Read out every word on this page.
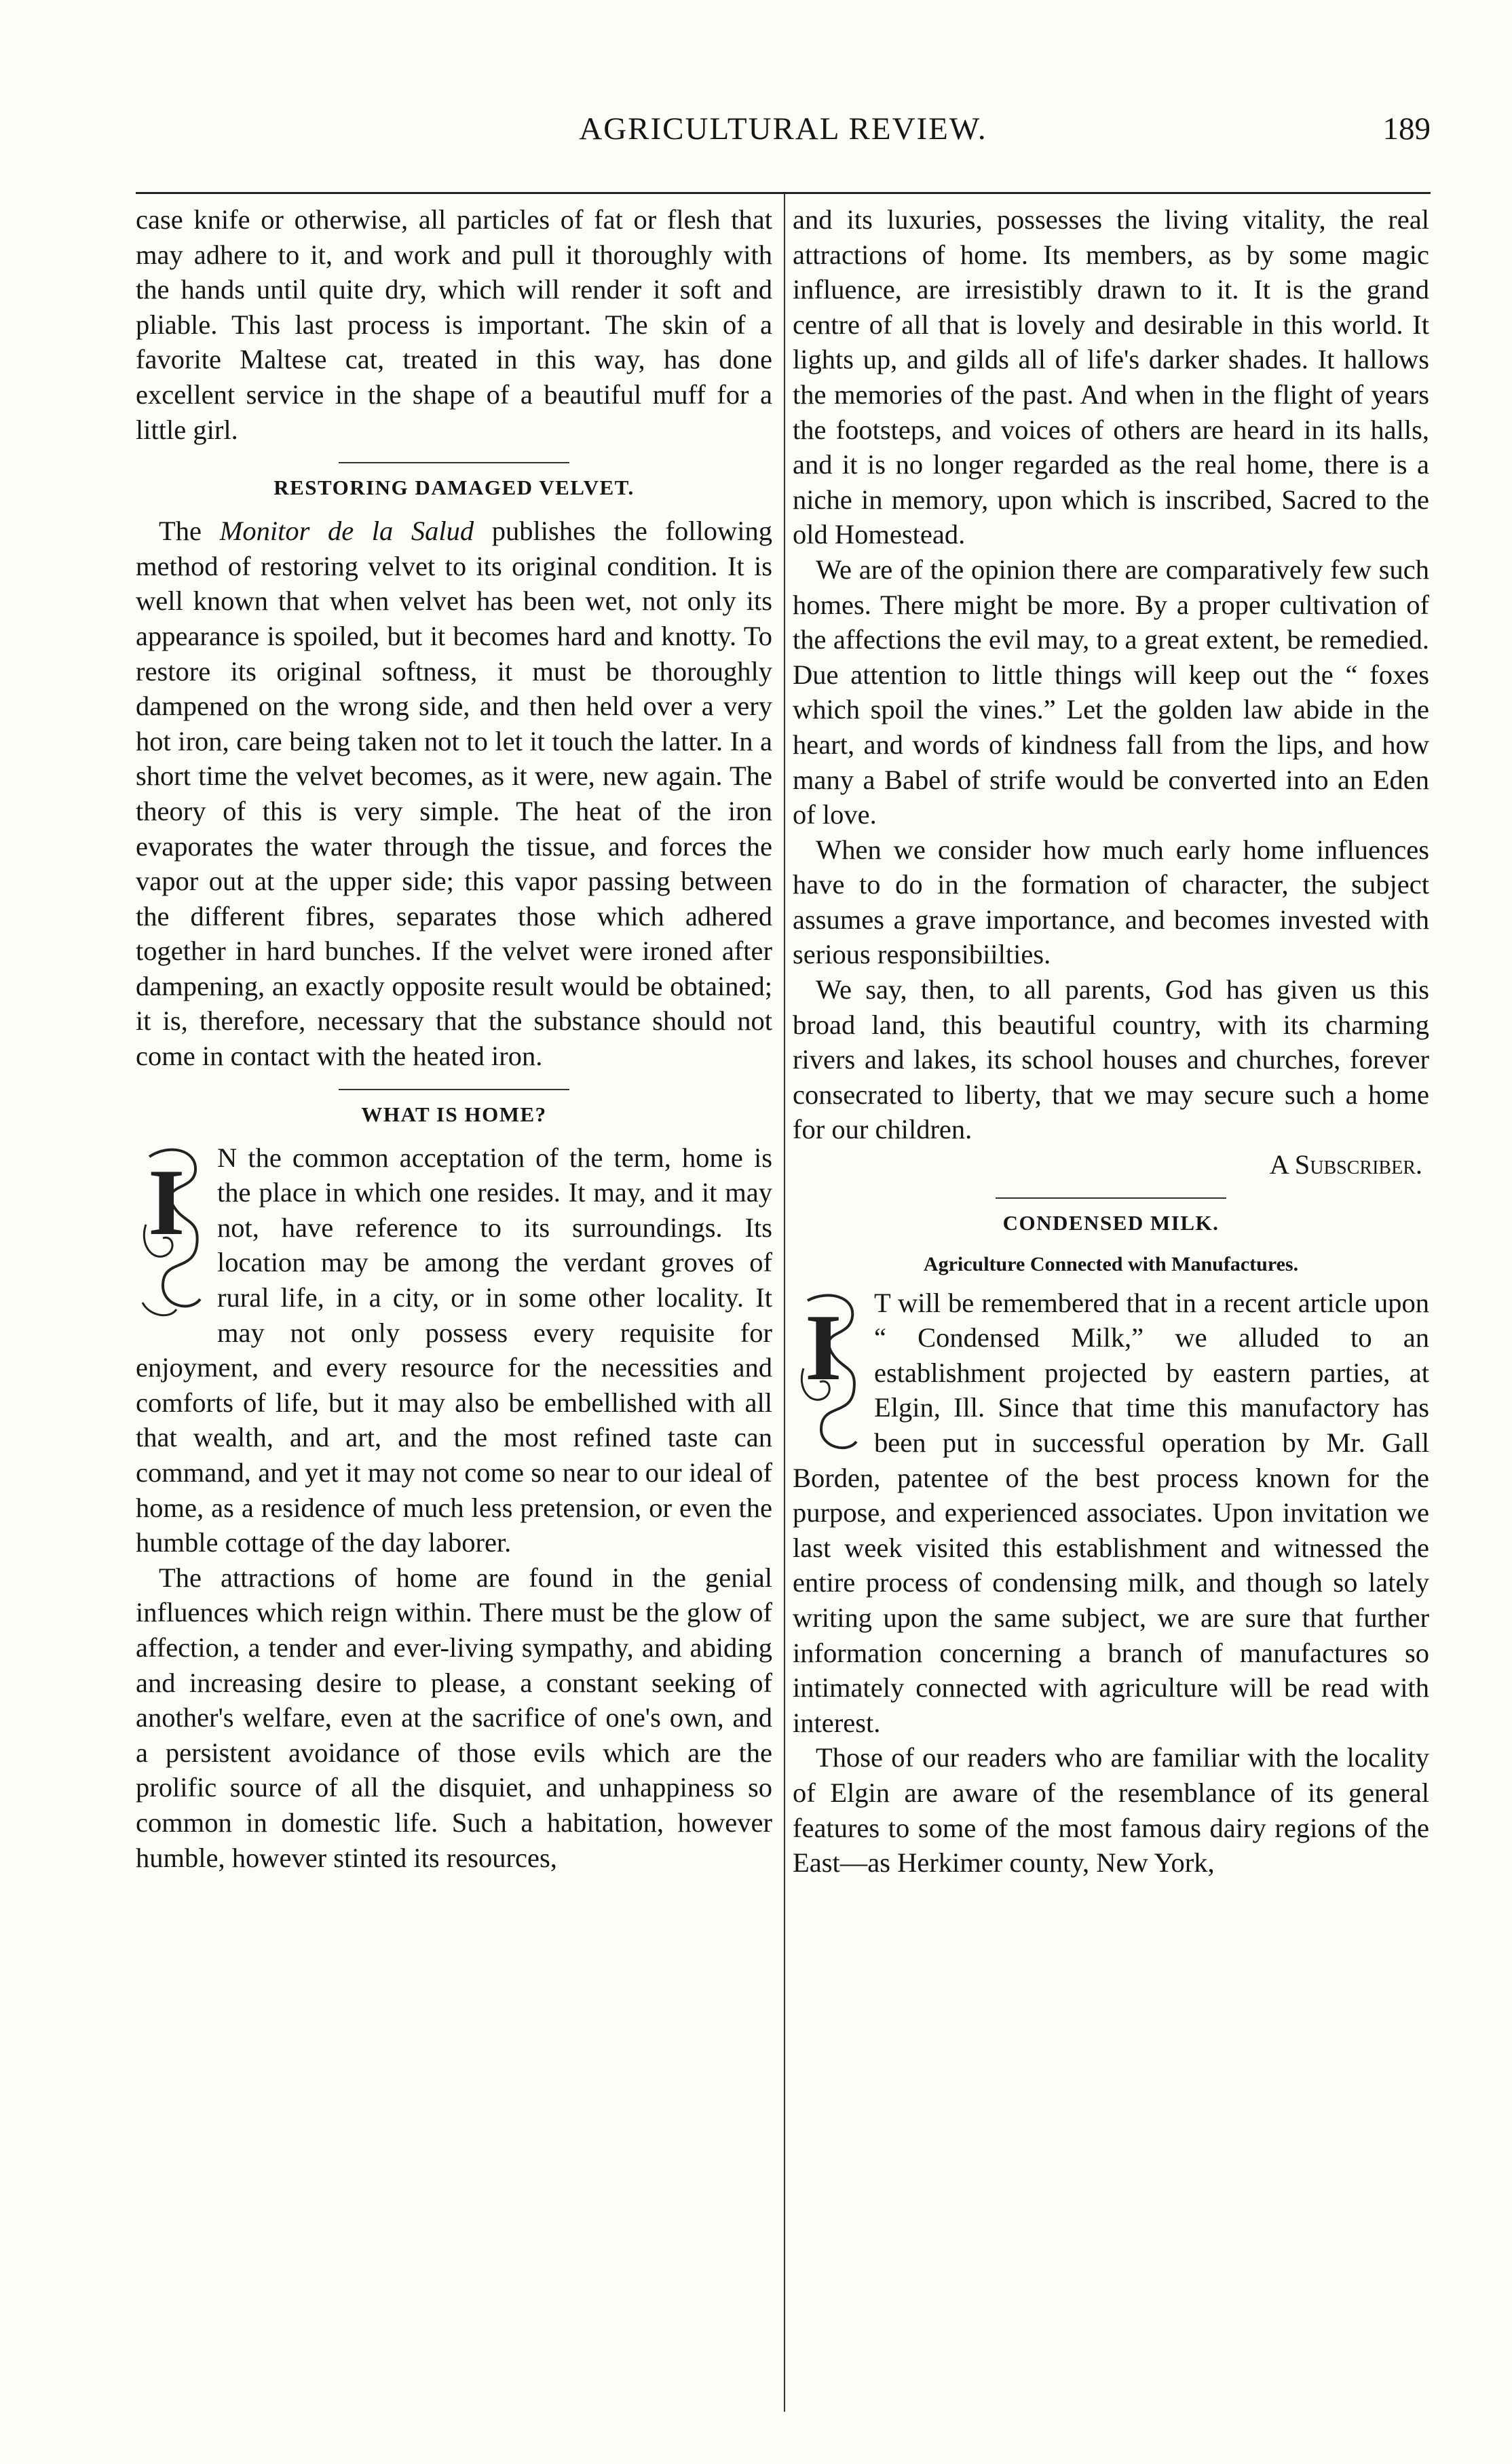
AGRICULTURAL REVIEW.	189

case knife or otherwise, all particles of fat or flesh that may adhere to it, and work and pull it thoroughly with the hands until quite dry, which will render it soft and pliable. This last process is important. The skin of a favorite Maltese cat, treated in this way, has done excellent service in the shape of a beautiful muff for a little girl.

RESTORING DAMAGED VELVET.

The Monitor de la Salud publishes the following method of restoring velvet to its original condition. It is well known that when velvet has been wet, not only its appearance is spoiled, but it becomes hard and knotty. To restore its original softness, it must be thoroughly dampened on the wrong side, and then held over a very hot iron, care being taken not to let it touch the latter. In a short time the velvet becomes, as it were, new again. The theory of this is very simple. The heat of the iron evaporates the water through the tissue, and forces the vapor out at the upper side; this vapor passing between the different fibres, separates those which adhered together in hard bunches. If the velvet were ironed after dampening, an exactly opposite result would be obtained; it is, therefore, necessary that the substance should not come in contact with the heated iron.

WHAT IS HOME?
I	N the common acceptation of the term, home is the place in which one resides. It may, and it may not, have reference to its surroundings. Its location may be among the verdant groves of rural life, in a city, or in some other locality. It may not only possess every requisite for enjoyment, and every resource for the necessities and comforts of life, but it may also be embellished with all that wealth, and art, and the most refined taste can command, and yet it may not come so near to our ideal of home, as a residence of much less pretension, or even the humble cottage of the day laborer.

The attractions of home are found in the genial influences which reign within. There must be the glow of affection, a tender and ever-living sympathy, and abiding and increasing desire to please, a constant seeking of another's welfare, even at the sacrifice of one's own, and a persistent avoidance of those evils which are the prolific source of all the disquiet, and unhappiness so common in domestic life. Such a habitation, however humble, however stinted its resources,

and its luxuries, possesses the living vitality, the real attractions of home. Its members, as by some magic influence, are irresistibly drawn to it. It is the grand centre of all that is lovely and desirable in this world. It lights up, and gilds all of life's darker shades. It hallows the memories of the past. And when in the flight of years the footsteps, and voices of others are heard in its halls, and it is no longer regarded as the real home, there is a niche in memory, upon which is inscribed, Sacred to the old Homestead.

We are of the opinion there are comparatively few such homes. There might be more. By a proper cultivation of the affections the evil may, to a great extent, be remedied. Due attention to little things will keep out the “ foxes which spoil the vines.” Let the golden law abide in the heart, and words of kindness fall from the lips, and how many a Babel of strife would be converted into an Eden of love.

When we consider how much early home influences have to do in the formation of character, the subject assumes a grave importance, and becomes invested with serious responsibiilties.

We say, then, to all parents, God has given us this broad land, this beautiful country, with its charming rivers and lakes, its school houses and churches, forever consecrated to liberty, that we may secure such a home for our children.

A Subscriber.

CONDENSED MILK.
Agriculture Connected with Manufactures.
I	T will be remembered that in a recent article upon “ Condensed Milk,” we alluded to an establishment projected by eastern parties, at Elgin, Ill. Since that time this manufactory has been put in successful operation by Mr. Gall Borden, patentee of the best process known for the purpose, and experienced associates. Upon invitation we last week visited this establishment and witnessed the entire process of condensing milk, and though so lately writing upon the same subject, we are sure that further information concerning a branch of manufactures so intimately connected with agriculture will be read with interest.

Those of our readers who are familiar with the locality of Elgin are aware of the resemblance of its general features to some of the most famous dairy regions of the East—as Herkimer county, New York,
